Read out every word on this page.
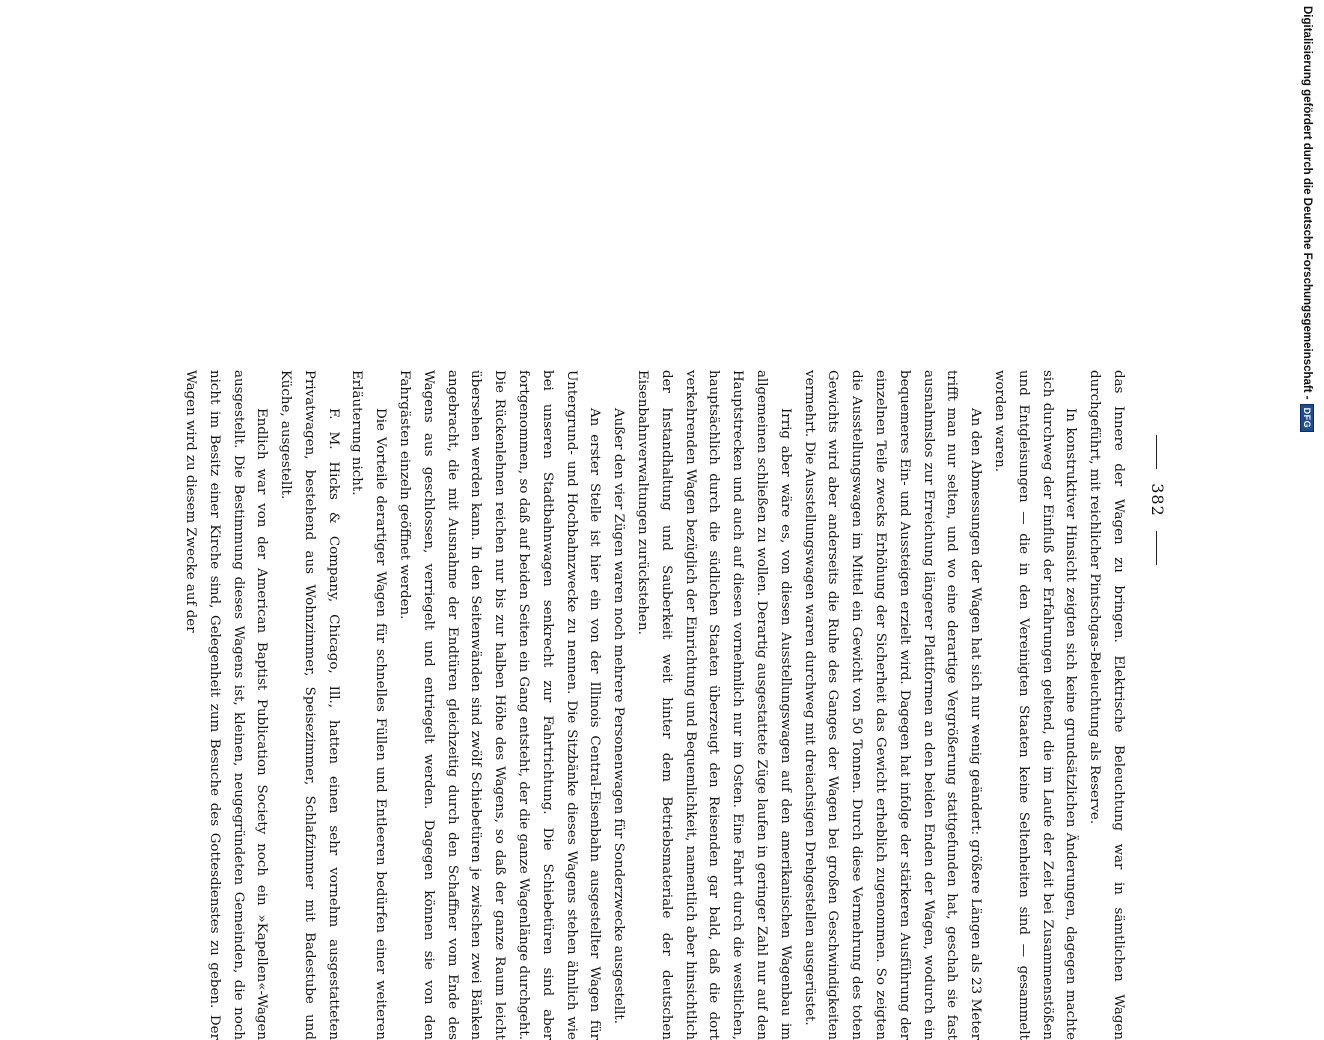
382

das Innere der Wagen zu bringen. Elektrische Beleuchtung war in sämtlichen Wagen durchgeführt, mit reichlicher Pintschgas-Beleuchtung als Reserve.

In konstruktiver Hinsicht zeigten sich keine grundsätzlichen Änderungen, dagegen machte sich durchweg der Einfluß der Erfahrungen geltend, die im Laufe der Zeit bei Zusammenstößen und Entgleisungen — die in den Vereinigten Staaten keine Seltenheiten sind — gesammelt worden waren.

An den Abmessungen der Wagen hat sich nur wenig geändert: größere Längen als 23 Meter trifft man nur selten, und wo eine derartige Vergrößerung stattgefunden hat, geschah sie fast ausnahmslos zur Erreichung längerer Plattformen an den beiden Enden der Wagen, wodurch ein bequemeres Ein- und Aussteigen erzielt wird. Dagegen hat infolge der stärkeren Ausführung der einzelnen Teile zwecks Erhöhung der Sicherheit das Gewicht erheblich zugenommen. So zeigten die Ausstellungswagen im Mittel ein Gewicht von 50 Tonnen. Durch diese Vermehrung des toten Gewichts wird aber anderseits die Ruhe des Ganges der Wagen bei großen Geschwindigkeiten vermehrt. Die Ausstellungswagen waren durchweg mit dreiachsigen Drehgestellen ausgerüstet.

Irrig aber wäre es, von diesen Ausstellungswagen auf den amerikanischen Wagenbau im allgemeinen schließen zu wollen. Derartig ausgestattete Züge laufen in geringer Zahl nur auf den Hauptstrecken und auch auf diesen vornehmlich nur im Osten. Eine Fahrt durch die westlichen, hauptsächlich durch die südlichen Staaten überzeugt den Reisenden gar bald, daß die dort verkehrenden Wagen bezüglich der Einrichtung und Bequemlichkeit, namentlich aber hinsichtlich der Instandhaltung und Sauberkeit weit hinter dem Betriebsmateriale der deutschen Eisenbahnverwaltungen zurückstehen.

Außer den vier Zügen waren noch mehrere Personenwagen für Sonderzwecke ausgestellt.

An erster Stelle ist hier ein von der Illinois Central-Eisenbahn ausgestellter Wagen für Untergrund- und Hochbahnzwecke zu nennen. Die Sitzbänke dieses Wagens stehen ähnlich wie bei unseren Stadtbahnwagen senkrecht zur Fahrtrichtung. Die Schiebetüren sind aber fortgenommen, so daß auf beiden Seiten ein Gang entsteht, der die ganze Wagenlänge durchgeht. Die Rückenlehnen reichen nur bis zur halben Höhe des Wagens, so daß der ganze Raum leicht übersehen werden kann. In den Seitenwänden sind zwölf Schiebetüren je zwischen zwei Bänken angebracht, die mit Ausnahme der Endtüren gleichzeitig durch den Schaffner vom Ende des Wagens aus geschlossen, verriegelt und entriegelt werden. Dagegen können sie von den Fahrgästen einzeln geöffnet werden.

Die Vorteile derartiger Wagen für schnelles Füllen und Entleeren bedürfen einer weiteren Erläuterung nicht.

F. M. Hicks & Company, Chicago, Ill., hatten einen sehr vornehm ausgestatteten Privatwagen, bestehend aus Wohnzimmer, Speisezimmer, Schlafzimmer mit Badestube und Küche, ausgestellt.

Endlich war von der American Baptist Publication Society noch ein »Kapellen«-Wagen ausgestellt. Die Bestimmung dieses Wagens ist, kleinen, neugegründeten Gemeinden, die noch nicht im Besitz einer Kirche sind, Gelegenheit zum Besuche des Gottesdienstes zu geben. Der Wagen wird zu diesem Zwecke auf der

Digitalisierung gefördert durch die Deutsche Forschungsgemeinschaft -
DFG
